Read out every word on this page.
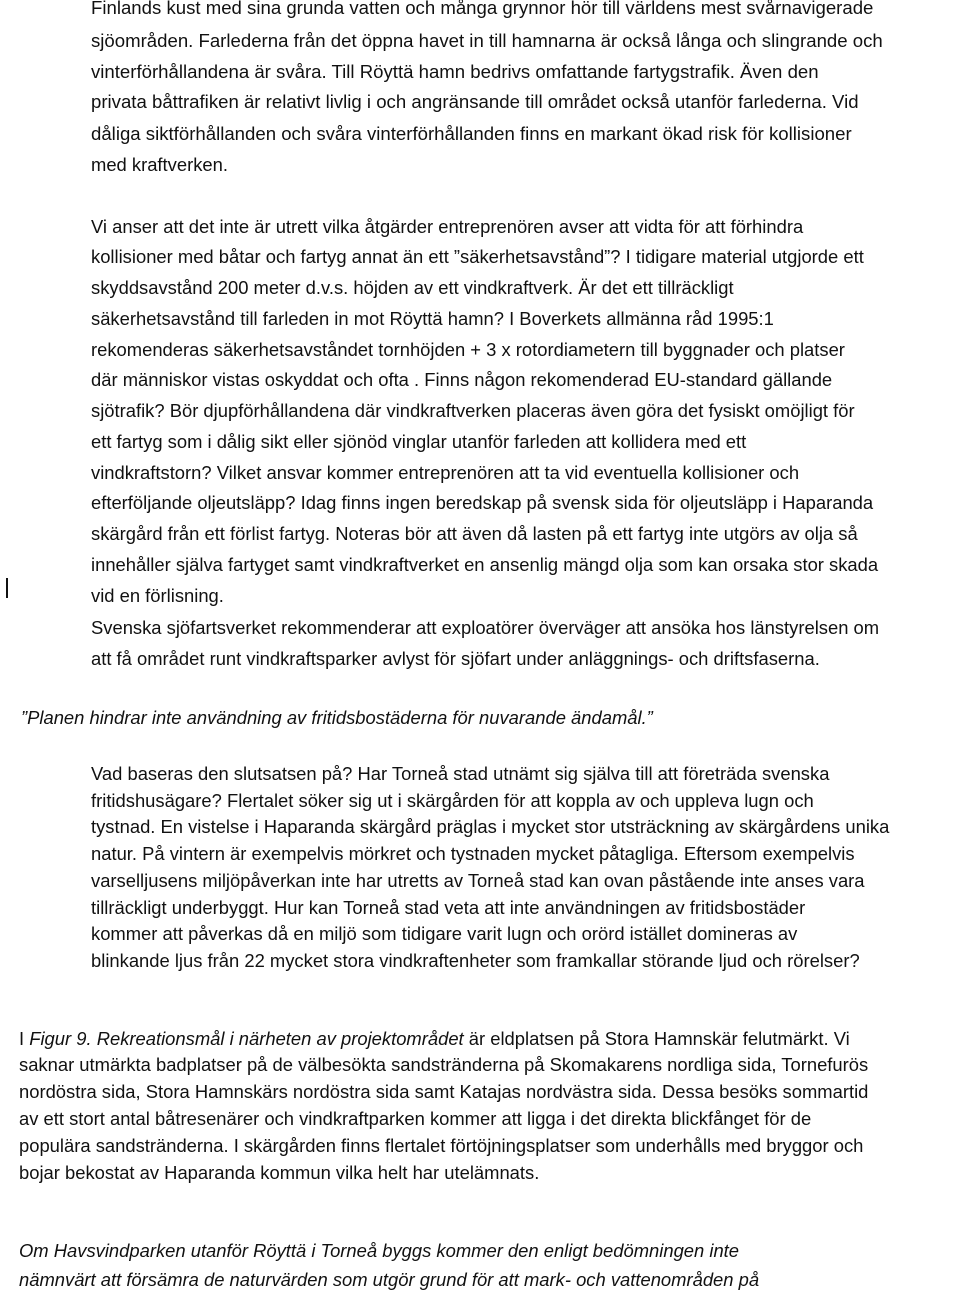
Finlands kust med sina grunda vatten och många grynnor hör till världens mest svårnavigerade
sjöområden. Farlederna från det öppna havet in till hamnarna är också långa och slingrande och
vinterförhållandena är svåra. Till Röyttä hamn bedrivs omfattande fartygstrafik. Även den
privata båttrafiken är relativt livlig i och angränsande till området också utanför farlederna. Vid
dåliga siktförhållanden och svåra vinterförhållanden finns en markant ökad risk för kollisioner
med kraftverken.
Vi anser att det inte är utrett vilka åtgärder entreprenören avser att vidta för att förhindra
kollisioner med båtar och fartyg annat än ett ”säkerhetsavstånd”? I tidigare material utgjorde ett
skyddsavstånd 200 meter d.v.s. höjden av ett vindkraftverk. Är det ett tillräckligt
säkerhetsavstånd till farleden in mot Röyttä hamn? I Boverkets allmänna råd 1995:1
rekomenderas säkerhetsavståndet tornhöjden + 3 x rotordiametern till byggnader och platser
där människor vistas oskyddat och ofta . Finns någon rekomenderad EU-standard gällande
sjötrafik? Bör djupförhållandena där vindkraftverken placeras även göra det fysiskt omöjligt för
ett fartyg som i dålig sikt eller sjönöd vinglar utanför farleden att kollidera med ett
vindkraftstorn? Vilket ansvar kommer entreprenören att ta vid eventuella kollisioner och
efterföljande oljeutsläpp? Idag finns ingen beredskap på svensk sida för oljeutsläpp i Haparanda
skärgård från ett förlist fartyg. Noteras bör att även då lasten på ett fartyg inte utgörs av olja så
innehåller själva fartyget samt vindkraftverket en ansenlig mängd olja som kan orsaka stor skada
vid en förlisning.
Svenska sjöfartsverket rekommenderar att exploatörer överväger att ansöka hos länstyrelsen om
att få området runt vindkraftsparker avlyst för sjöfart under anläggnings- och driftsfaserna.
”Planen hindrar inte användning av fritidsbostäderna för nuvarande ändamål.”
Vad baseras den slutsatsen på? Har Torneå stad utnämt sig själva till att företräda svenska
fritidshusägare? Flertalet söker sig ut i skärgården för att koppla av och uppleva lugn och
tystnad. En vistelse i Haparanda skärgård präglas i mycket stor utsträckning av skärgårdens unika
natur. På vintern är exempelvis mörkret och tystnaden mycket påtagliga. Eftersom exempelvis
varselljusens miljöpåverkan inte har utretts av Torneå stad kan ovan påstående inte anses vara
tillräckligt underbyggt. Hur kan Torneå stad veta att inte användningen av fritidsbostäder
kommer att påverkas då en miljö som tidigare varit lugn och orörd istället domineras av
blinkande ljus från 22 mycket stora vindkraftenheter som framkallar störande ljud och rörelser?
I Figur 9. Rekreationsmål i närheten av projektområdet är eldplatsen på Stora Hamnskär felutmärkt. Vi
saknar utmärkta badplatser på de välbesökta sandstränderna på Skomakarens nordliga sida, Tornefurös
nordöstra sida, Stora Hamnskärs nordöstra sida samt Katajas nordvästra sida. Dessa besöks sommartid
av ett stort antal båtresenärer och vindkraftparken kommer att ligga i det direkta blickfånget för de
populära sandstränderna. I skärgården finns flertalet förtöjningsplatser som underhålls med bryggor och
bojar bekostat av Haparanda kommun vilka helt har utelämnats.
Om Havsvindparken utanför Röyttä i Torneå byggs kommer den enligt bedömningen inte
nämnvärt att försämra de naturvärden som utgör grund för att mark- och vattenområden på
